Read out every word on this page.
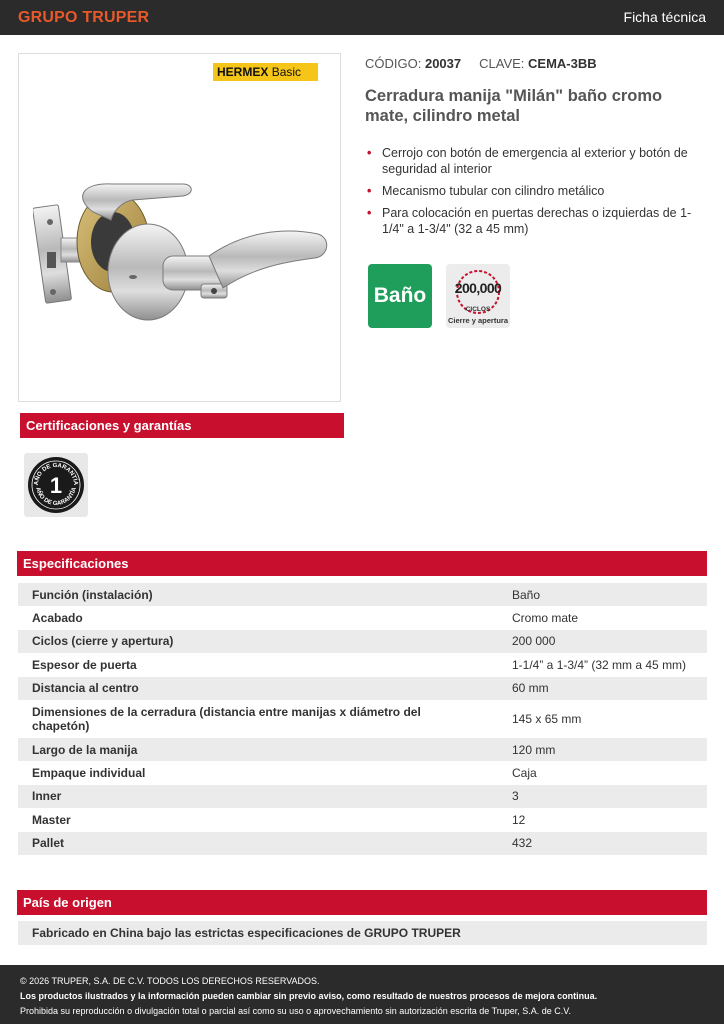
GRUPO TRUPER	Ficha técnica
HERMEX Basic
CÓDIGO: 20037 CLAVE: CEMA-3BB
Cerradura manija "Milán" baño cromo mate, cilindro metal
• Cerrojo con botón de emergencia al exterior y botón de seguridad al interior
• Mecanismo tubular con cilindro metálico
• Para colocación en puertas derechas o izquierdas de 1-1/4" a 1-3/4" (32 a 45 mm)
Baño	200,000
CICLOS
Cierre y apertura
Certificaciones y garantías
AÑO DE GARANTÍA
AÑO DE GARANTÍA
1
Especificaciones
Función (instalación)	Baño
Acabado	Cromo mate
Ciclos (cierre y apertura)	200 000
Espesor de puerta	1-1/4” a 1-3/4” (32 mm a 45 mm)
Distancia al centro	60 mm
Dimensiones de la cerradura (distancia entre manijas x diámetro del chapetón)	145 x 65 mm
Largo de la manija	120 mm
Empaque individual	Caja
Inner	3
Master	12
Pallet	432
País de origen
Fabricado en China bajo las estrictas especificaciones de GRUPO TRUPER
© 2026 TRUPER, S.A. DE C.V. TODOS LOS DERECHOS RESERVADOS.
Los productos ilustrados y la información pueden cambiar sin previo aviso, como resultado de nuestros procesos de mejora continua.
Prohibida su reproducción o divulgación total o parcial así como su uso o aprovechamiento sin autorización escrita de Truper, S.A. de C.V.
